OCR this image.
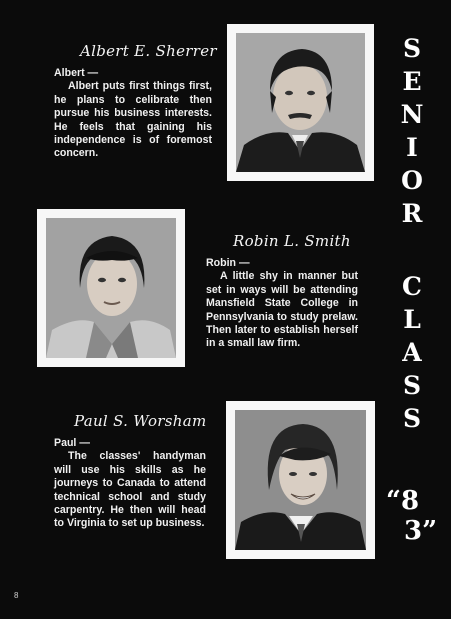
Albert E. Sherrer

Albert —

Albert puts first things first, he plans to celibrate then pursue his business interests. He feels that gaining his independence is of foremost concern.

Robin L. Smith

Robin —

A little shy in manner but set in ways will be attending Mansfield State College in Pennsylvania to study prelaw. Then later to establish herself in a small law firm.

Paul S. Worsham

Paul —

The classes' handyman will use his skills as he journeys to Canada to attend technical school and study carpentry. He then will head to Virginia to set up business.

S
E
N
I
O
R
C
L
A
S
S
“8
3”
8
